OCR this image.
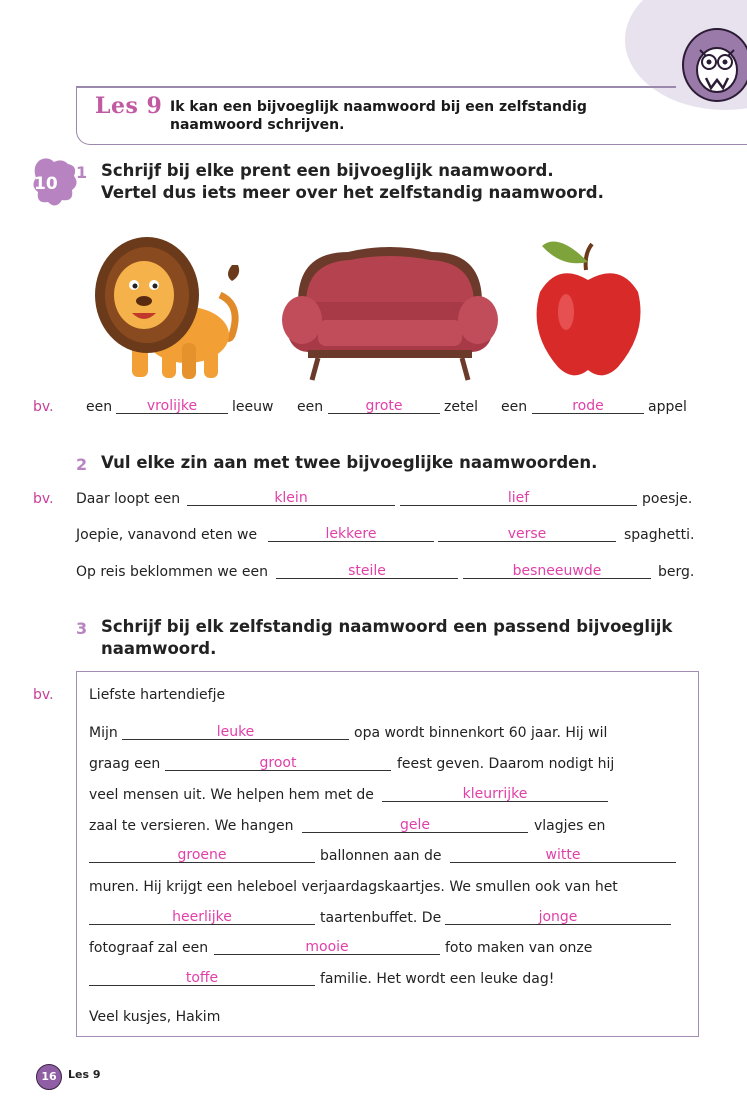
Les 9 Ik kan een bijvoeglijk naamwoord bij een zelfstandig
naamwoord schrijven.
10
1 Schrijf bij elke prent een bijvoeglijk naamwoord.
Vertel dus iets meer over het zelfstandig naamwoord.
bv. een	vrolijke	leeuw een	grote	zetel een	rode	appel
2 Vul elke zin aan met twee bijvoeglijke naamwoorden.
bv. Daar loopt een	klein	lief	poesje.
Joepie, vanavond eten we	lekkere	verse	spaghetti.
Op reis beklommen we een	steile	besneeuwde	berg.
3 Schrijf bij elk zelfstandig naamwoord een passend bijvoeglijk
naamwoord.
bv.	Liefste hartendiefje
Mijn	leuke	opa wordt binnenkort 60 jaar. Hij wil
graag een	groot	feest geven. Daarom nodigt hij
veel mensen uit. We helpen hem met de	kleurrijke
zaal te versieren. We hangen	gele	vlagjes en
groene	ballonnen aan de	witte
muren. Hij krijgt een heleboel verjaardagskaartjes. We smullen ook van het
heerlijke	taartenbuffet. De	jonge
fotograaf zal een	mooie	foto maken van onze
toffe	familie. Het wordt een leuke dag!
Veel kusjes, Hakim
16	Les 9
